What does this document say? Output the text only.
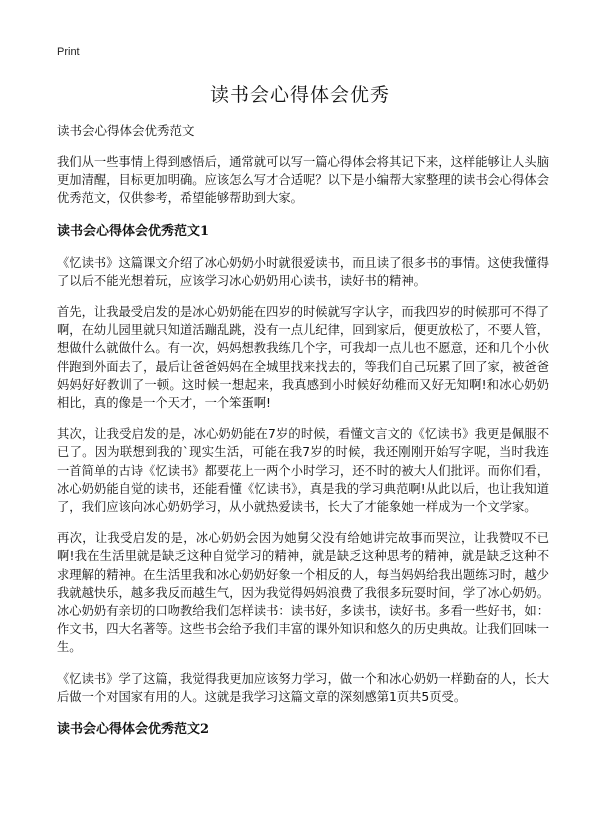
Print
读书会心得体会优秀

读书会心得体会优秀范文

我们从一些事情上得到感悟后，通常就可以写一篇心得体会将其记下来，这样能够让人头脑更加清醒，目标更加明确。应该怎么写才合适呢？以下是小编帮大家整理的读书会心得体会优秀范文，仅供参考，希望能够帮助到大家。

读书会心得体会优秀范文1

《忆读书》这篇课文介绍了冰心奶奶小时就很爱读书，而且读了很多书的事情。这使我懂得了以后不能光想着玩，应该学习冰心奶奶用心读书，读好书的精神。

首先，让我最受启发的是冰心奶奶能在四岁的时候就写字认字，而我四岁的时候那可不得了啊，在幼儿园里就只知道活蹦乱跳，没有一点儿纪律，回到家后，便更放松了，不要人管，想做什么就做什么。有一次，妈妈想教我练几个字，可我却一点儿也不愿意，还和几个小伙伴跑到外面去了，最后让爸爸妈妈在全城里找来找去的，等我们自己玩累了回了家，被爸爸妈妈好好教训了一顿。这时候一想起来，我真感到小时候好幼稚而又好无知啊!和冰心奶奶相比，真的像是一个天才，一个笨蛋啊!

其次，让我受启发的是，冰心奶奶能在7岁的时候，看懂文言文的《忆读书》我更是佩服不已了。因为联想到我的`现实生活，可能在我7岁的时候，我还刚刚开始写字呢，当时我连一首简单的古诗《忆读书》都要花上一两个小时学习，还不时的被大人们批评。而你们看，冰心奶奶能自觉的读书，还能看懂《忆读书》，真是我的学习典范啊!从此以后，也让我知道了，我们应该向冰心奶奶学习，从小就热爱读书，长大了才能象她一样成为一个文学家。

再次，让我受启发的是，冰心奶奶会因为她舅父没有给她讲完故事而哭泣，让我赞叹不已啊!我在生活里就是缺乏这种自觉学习的精神，就是缺乏这种思考的精神，就是缺乏这种不求理解的精神。在生活里我和冰心奶奶好象一个相反的人，每当妈妈给我出题练习时，越少我就越快乐，越多我反而越生气，因为我觉得妈妈浪费了我很多玩耍时间，学了冰心奶奶。冰心奶奶有亲切的口吻教给我们怎样读书：读书好，多读书，读好书。多看一些好书，如：作文书，四大名著等。这些书会给予我们丰富的课外知识和悠久的历史典故。让我们回味一生。

《忆读书》学了这篇，我觉得我更加应该努力学习，做一个和冰心奶奶一样勤奋的人，长大后做一个对国家有用的人。这就是我学习这篇文章的深刻感第1页共5页受。

读书会心得体会优秀范文2
